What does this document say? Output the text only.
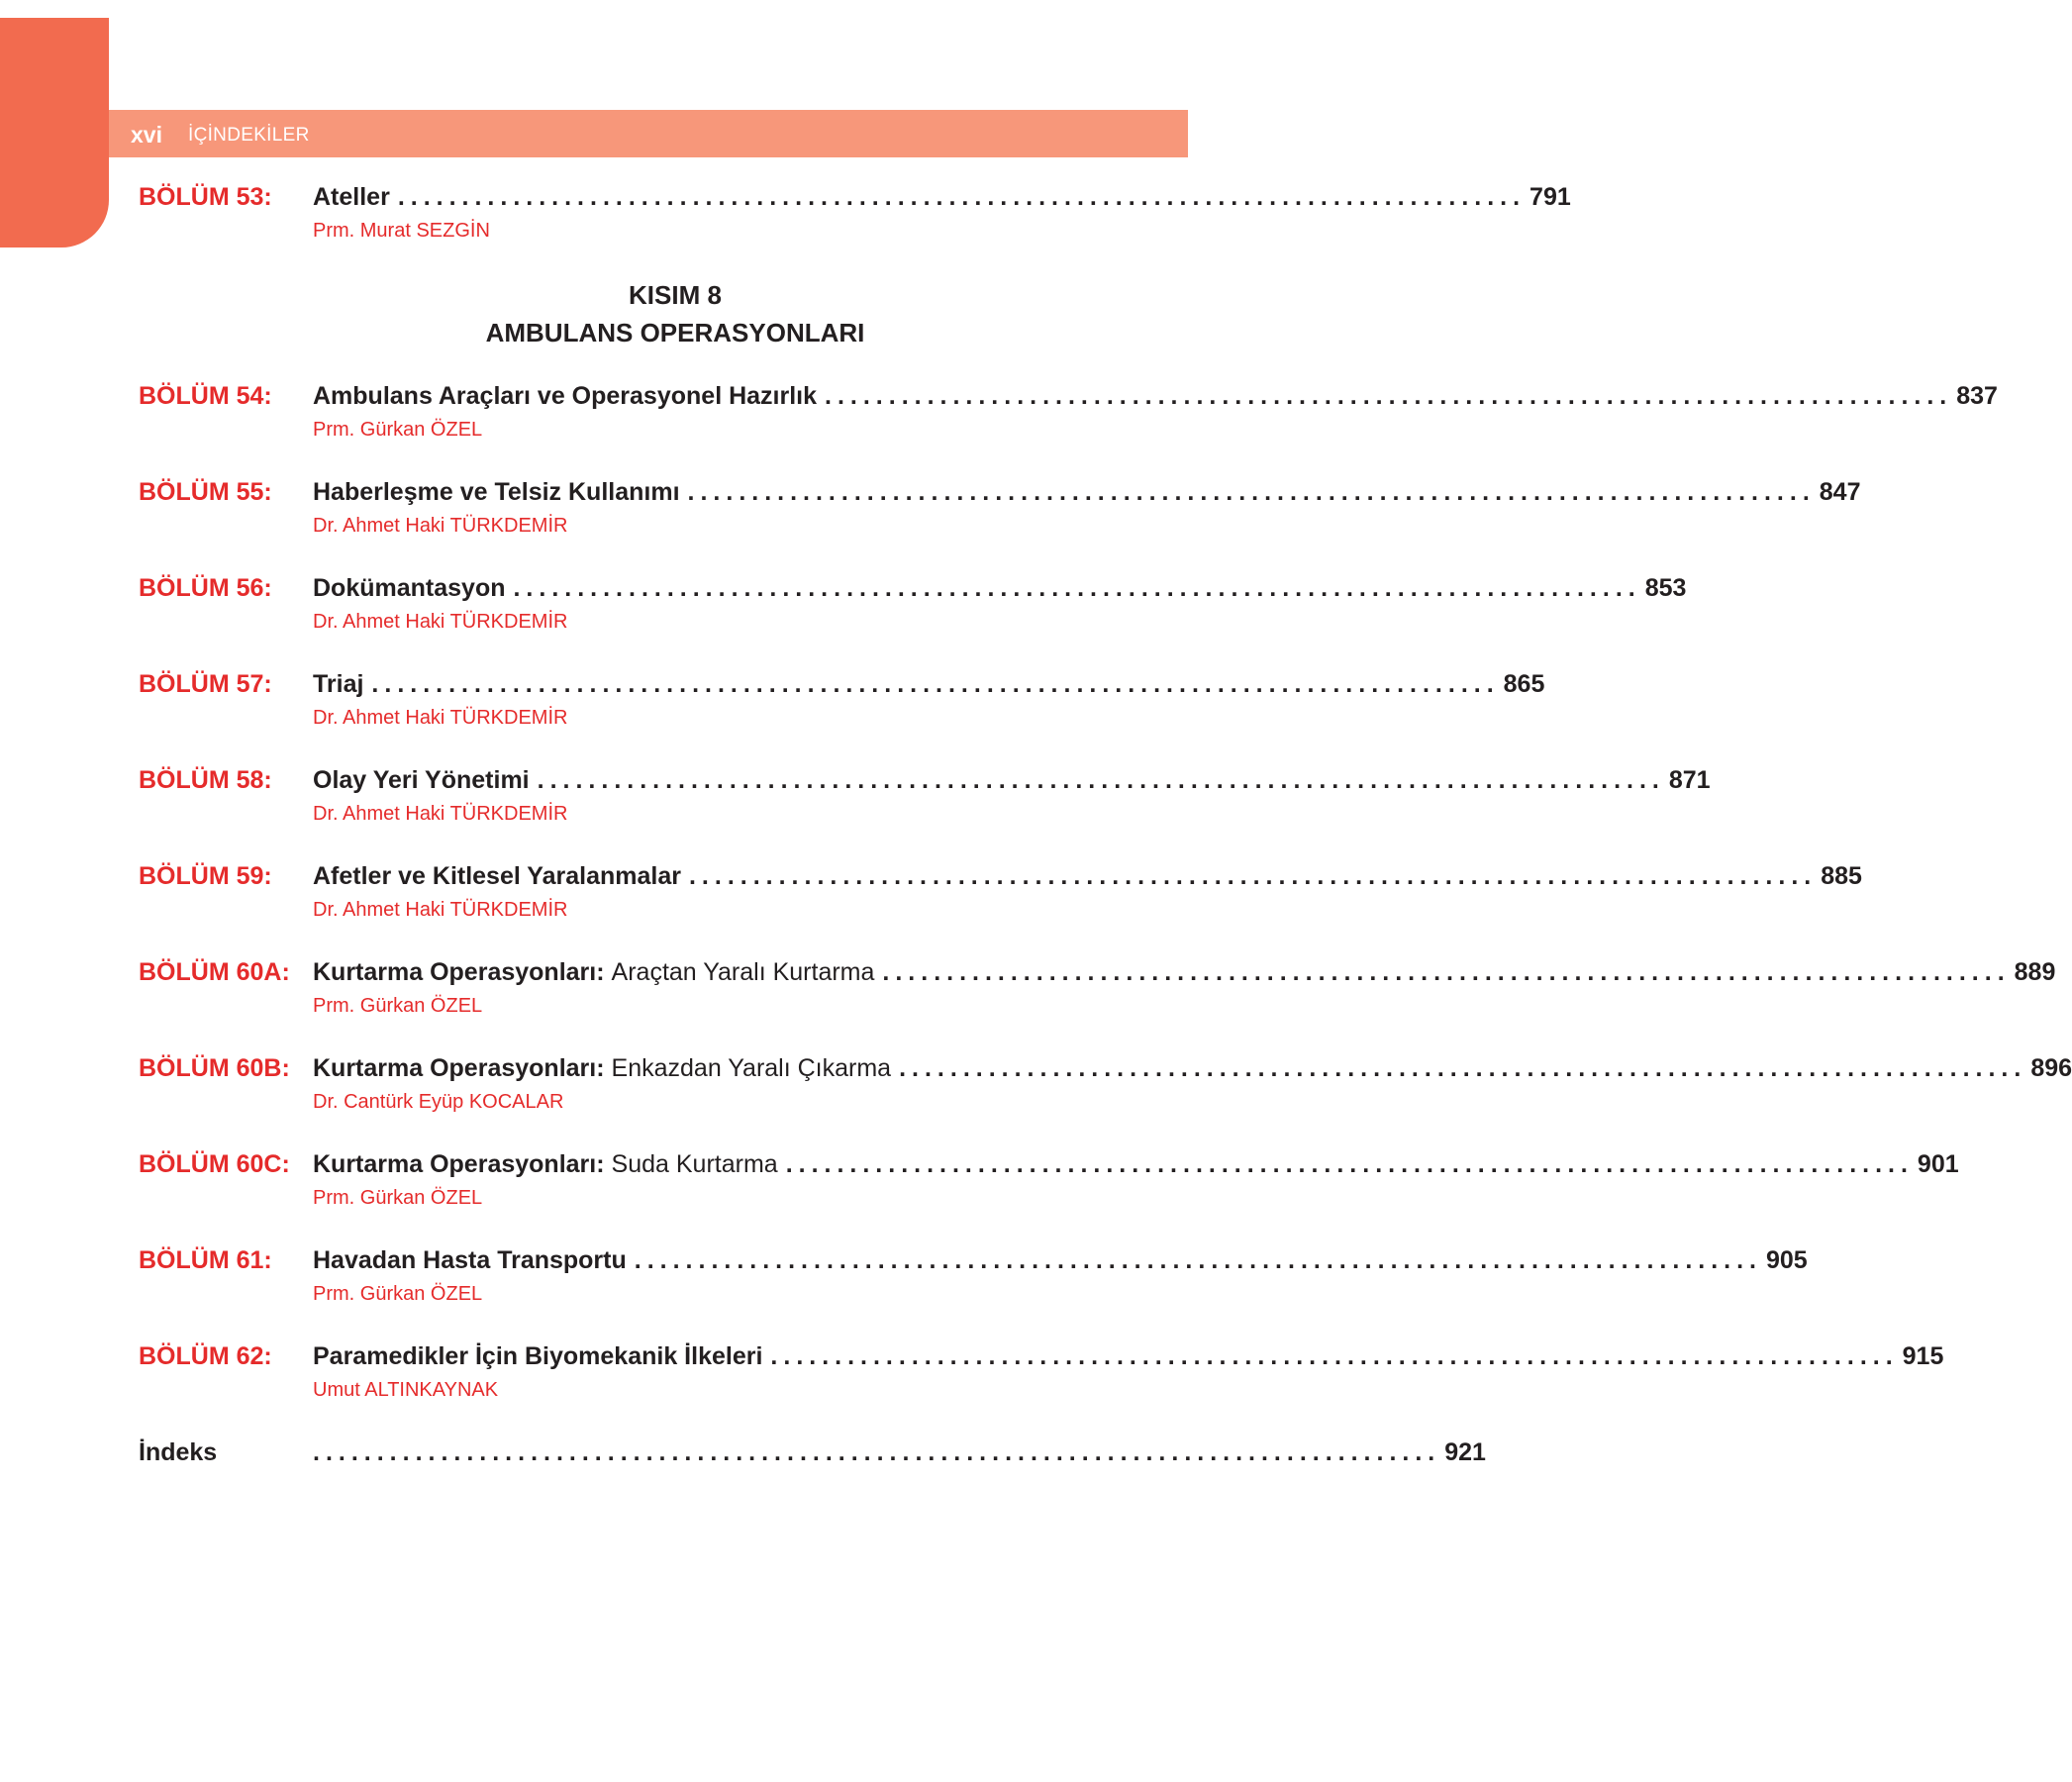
xvi İÇİNDEKİLER
BÖLÜM 53: Ateller ........................................................................................ 791
Prm. Murat SEZGİN
KISIM 8
AMBULANS OPERASYONLARI
BÖLÜM 54: Ambulans Araçları ve Operasyonel Hazırlık ........................................................................................ 837
Prm. Gürkan ÖZEL
BÖLÜM 55: Haberleşme ve Telsiz Kullanımı ........................................................................................ 847
Dr. Ahmet Haki TÜRKDEMİR
BÖLÜM 56: Dokümantasyon ........................................................................................ 853
Dr. Ahmet Haki TÜRKDEMİR
BÖLÜM 57: Triaj ........................................................................................ 865
Dr. Ahmet Haki TÜRKDEMİR
BÖLÜM 58: Olay Yeri Yönetimi ........................................................................................ 871
Dr. Ahmet Haki TÜRKDEMİR
BÖLÜM 59: Afetler ve Kitlesel Yaralanmalar ........................................................................................ 885
Dr. Ahmet Haki TÜRKDEMİR
BÖLÜM 60A: Kurtarma Operasyonları: Araçtan Yaralı Kurtarma ........................................................................................ 889
Prm. Gürkan ÖZEL
BÖLÜM 60B: Kurtarma Operasyonları: Enkazdan Yaralı Çıkarma ........................................................................................ 896
Dr. Cantürk Eyüp KOCALAR
BÖLÜM 60C: Kurtarma Operasyonları: Suda Kurtarma ........................................................................................ 901
Prm. Gürkan ÖZEL
BÖLÜM 61: Havadan Hasta Transportu ........................................................................................ 905
Prm. Gürkan ÖZEL
BÖLÜM 62: Paramedikler İçin Biyomekanik İlkeleri ........................................................................................ 915
Umut ALTINKAYNAK
İndeks	........................................................................................ 921
